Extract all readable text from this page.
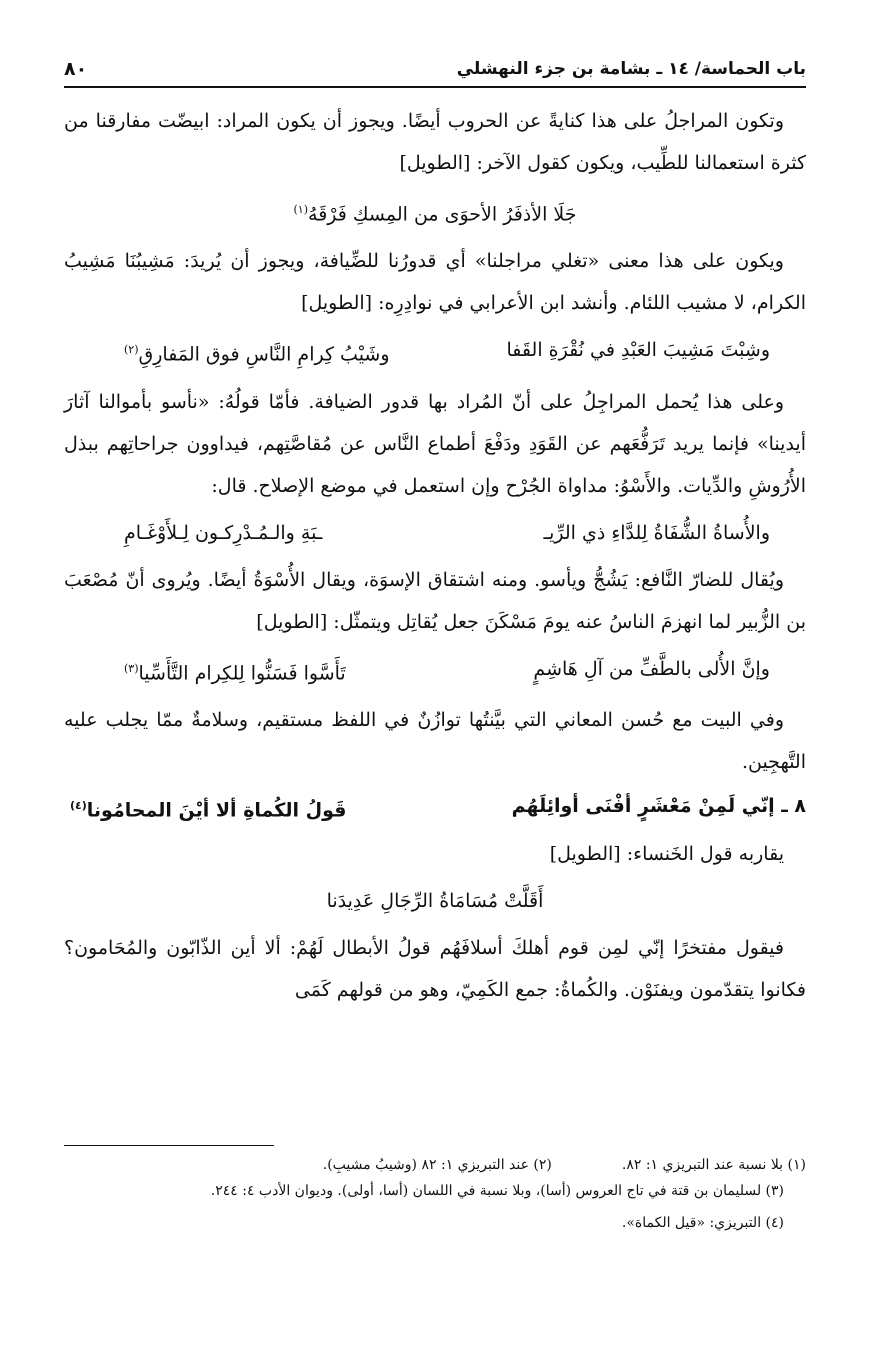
باب الحماسة/ ١٤ ـ بشامة بن جزء النهشلي
٨٠

وتكون المراجلُ على هذا كنايةً عن الحروب أيضًا. ويجوز أن يكون المراد: ابيضّت مفارقنا من كثرة استعمالنا للطِّيب، ويكون كقول الآخر: [الطويل]

جَلَا الأذفَرُ الأحوَى من المِسكِ فَرْقَهُ$^{(١)}$

ويكون على هذا معنى «تغلي مراجلنا» أي قدورُنا للضِّيافة، ويجوز أن يُريدَ: مَشِيبُنَا مَشِيبُ الكرام، لا مشيب اللئام. وأنشد ابن الأعرابي في نوادِرِه: [الطويل]

وشِبْتَ مَشِيبَ العَبْدِ في نُقْرَةِ القَفا
وشَيْبُ كِرامِ النَّاسِ فوق المَفارِقِ$^{(٢)}$

وعلى هذا يُحمل المراجِلُ على أنّ المُراد بها قدور الضيافة. فأمّا قولُهُ: «نأسو بأموالنا آثارَ أيدينا» فإنما يريد تَرَفُّعَهم عن القَوَدِ ودَفْعَ أطماع النَّاس عن مُقاصَّتِهم، فيداوون جراحاتِهم ببذل الأُرُوشِ والدِّيات. والأَسْوُ: مداواة الجُرْح وإن استعمل في موضع الإصلاح. قال:

والأُساةُ الشُّفَاةُ لِلدَّاءِ ذي الرِّيـ
ـبَةِ والـمُـدْرِكـون لِـلأَوْغَـامِ

ويُقال للضارّ النَّافع: يَشُجُّ ويأسو. ومنه اشتقاق الإسوَة، ويقال الأُسْوَةُ أيضًا. ويُروى أنّ مُصْعَبَ بن الزُّبير لما انهزمَ الناسُ عنه يومَ مَسْكَنَ جعل يُقاتِل ويتمثّل: [الطويل]

وإنَّ الأُلى بالطَّفِّ من آلِ هَاشِمٍ
تَأَسَّوا فَسَنُّوا لِلكِرام التَّأَسِّيا$^{(٣)}$

وفي البيت مع حُسن المعاني التي بيَّنتُها توازُنٌ في اللفظ مستقيم، وسلامةٌ ممّا يجلب عليه التَّهجِين.

٨ ـ إنّي لَمِنْ مَعْشَرٍ أفْنَى أوائِلَهُم
قَولُ الكُماةِ ألا أيْنَ المحامُونا$^{(٤)}$

يقاربه قول الخَنساء: [الطويل]

أَقَلَّتْ مُسَامَاةُ الرِّجَالِ عَدِيدَنا

فيقول مفتخرًا إنّي لمِن قوم أهلكَ أسلافَهُم قولُ الأبطال لَهُمْ: ألا أين الذّابّون والمُحَامون؟ فكانوا يتقدّمون ويفنَوْن. والكُماةُ: جمع الكَمِيّ، وهو من قولهم كَمَى

(١) بلا نسبة عند التبريزي ١: ٨٢.
(٢) عند التبريزي ١: ٨٢ (وشيبُ مشيبِ).

(٣) لسليمان بن قتة في تاج العروس (أسا)، وبلا نسبة في اللسان (أسا، أولى). وديوان الأدب ٤: ٢٤٤.

(٤) التبريزي: «قيل الكماة».
